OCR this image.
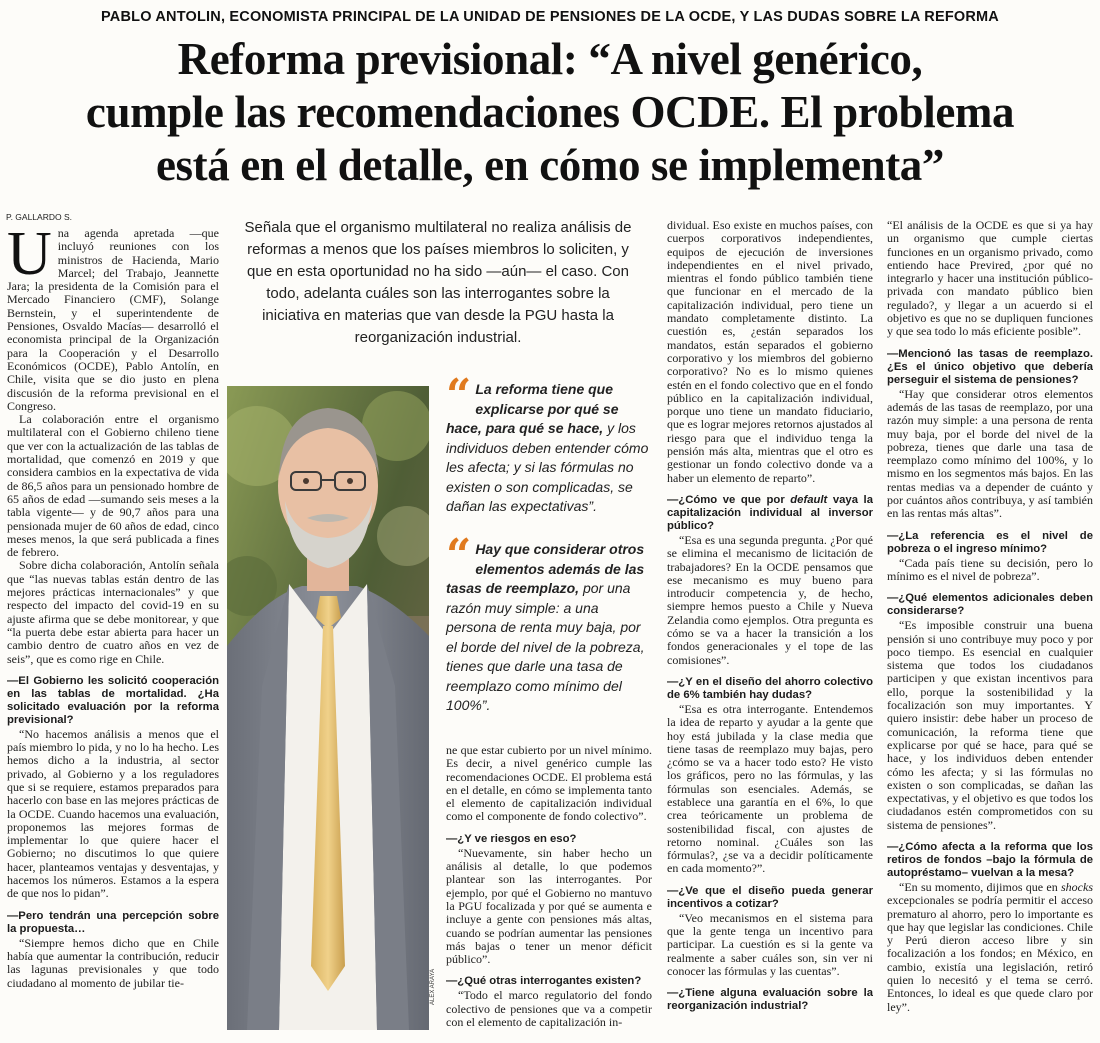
PABLO ANTOLIN, ECONOMISTA PRINCIPAL DE LA UNIDAD DE PENSIONES DE LA OCDE, Y LAS DUDAS SOBRE LA REFORMA
Reforma previsional: “A nivel genérico,
cumple las recomendaciones OCDE. El problema
está en el detalle, en cómo se implementa”
P. GALLARDO S.

Una agenda apretada —que incluyó reuniones con los ministros de Hacienda, Mario Marcel; del Trabajo, Jeannette Jara; la presidenta de la Comisión para el Mercado Financiero (CMF), Solange Bernstein, y el superintendente de Pensiones, Osvaldo Macías— desarrolló el economista principal de la Organización para la Cooperación y el Desarrollo Económicos (OCDE), Pablo Antolín, en Chile, visita que se dio justo en plena discusión de la reforma previsional en el Congreso.

La colaboración entre el organismo multilateral con el Gobierno chileno tiene que ver con la actualización de las tablas de mortalidad, que comenzó en 2019 y que considera cambios en la expectativa de vida de 86,5 años para un pensionado hombre de 65 años de edad —sumando seis meses a la tabla vigente— y de 90,7 años para una pensionada mujer de 60 años de edad, cinco meses menos, la que será publicada a fines de febrero.

Sobre dicha colaboración, Antolín señala que “las nuevas tablas están dentro de las mejores prácticas internacionales” y que respecto del impacto del covid-19 en su ajuste afirma que se debe monitorear, y que “la puerta debe estar abierta para hacer un cambio dentro de cuatro años en vez de seis”, que es como rige en Chile.

—El Gobierno les solicitó cooperación en las tablas de mortalidad. ¿Ha solicitado evaluación por la reforma previsional?

“No hacemos análisis a menos que el país miembro lo pida, y no lo ha hecho. Les hemos dicho a la industria, al sector privado, al Gobierno y a los reguladores que si se requiere, estamos preparados para hacerlo con base en las mejores prácticas de la OCDE. Cuando hacemos una evaluación, proponemos las mejores formas de implementar lo que quiere hacer el Gobierno; no discutimos lo que quiere hacer, planteamos ventajas y desventajas, y hacemos los números. Estamos a la espera de que nos lo pidan”.

—Pero tendrán una percepción sobre la propuesta…

“Siempre hemos dicho que en Chile había que aumentar la contribución, reducir las lagunas previsionales y que todo ciudadano al momento de jubilar tie-

Señala que el organismo multilateral no realiza análisis de reformas a menos que los países miembros lo soliciten, y que en esta oportunidad no ha sido —aún— el caso. Con todo, adelanta cuáles son las interrogantes sobre la iniciativa en materias que van desde la PGU hasta la reorganización industrial.
ALEX ARAYA
“ La reforma tiene que explicarse por qué se hace, para qué se hace, y los individuos deben entender cómo les afecta; y si las fórmulas no existen o son complicadas, se dañan las expectativas”.
“ Hay que considerar otros elementos además de las tasas de reemplazo, por una razón muy simple: a una persona de renta muy baja, por el borde del nivel de la pobreza, tienes que darle una tasa de reemplazo como mínimo del 100%”.

ne que estar cubierto por un nivel mínimo. Es decir, a nivel genérico cumple las recomendaciones OCDE. El problema está en el detalle, en cómo se implementa tanto el elemento de capitalización individual como el componente de fondo colectivo”.

—¿Y ve riesgos en eso?

“Nuevamente, sin haber hecho un análisis al detalle, lo que podemos plantear son las interrogantes. Por ejemplo, por qué el Gobierno no mantuvo la PGU focalizada y por qué se aumenta e incluye a gente con pensiones más altas, cuando se podrían aumentar las pensiones más bajas o tener un menor déficit público”.

—¿Qué otras interrogantes existen?

“Todo el marco regulatorio del fondo colectivo de pensiones que va a competir con el elemento de capitalización in-

dividual. Eso existe en muchos países, con cuerpos corporativos independientes, equipos de ejecución de inversiones independientes en el nivel privado, mientras el fondo público también tiene que funcionar en el mercado de la capitalización individual, pero tiene un mandato completamente distinto. La cuestión es, ¿están separados los mandatos, están separados el gobierno corporativo y los miembros del gobierno corporativo? No es lo mismo quienes estén en el fondo colectivo que en el fondo público en la capitalización individual, porque uno tiene un mandato fiduciario, que es lograr mejores retornos ajustados al riesgo para que el individuo tenga la pensión más alta, mientras que el otro es gestionar un fondo colectivo donde va a haber un elemento de reparto”.

—¿Cómo ve que por default vaya la capitalización individual al inversor público?

“Esa es una segunda pregunta. ¿Por qué se elimina el mecanismo de licitación de trabajadores? En la OCDE pensamos que ese mecanismo es muy bueno para introducir competencia y, de hecho, siempre hemos puesto a Chile y Nueva Zelandia como ejemplos. Otra pregunta es cómo se va a hacer la transición a los fondos generacionales y el tope de las comisiones”.

—¿Y en el diseño del ahorro colectivo de 6% también hay dudas?

“Esa es otra interrogante. Entendemos la idea de reparto y ayudar a la gente que hoy está jubilada y la clase media que tiene tasas de reemplazo muy bajas, pero ¿cómo se va a hacer todo esto? He visto los gráficos, pero no las fórmulas, y las fórmulas son esenciales. Además, se establece una garantía en el 6%, lo que crea teóricamente un problema de sostenibilidad fiscal, con ajustes de retorno nominal. ¿Cuáles son las fórmulas?, ¿se va a decidir políticamente en cada momento?”.

—¿Ve que el diseño pueda generar incentivos a cotizar?

“Veo mecanismos en el sistema para que la gente tenga un incentivo para participar. La cuestión es si la gente va realmente a saber cuáles son, sin ver ni conocer las fórmulas y las cuentas”.

—¿Tiene alguna evaluación sobre la reorganización industrial?

“El análisis de la OCDE es que si ya hay un organismo que cumple ciertas funciones en un organismo privado, como entiendo hace Previred, ¿por qué no integrarlo y hacer una institución público-privada con mandato público bien regulado?, y llegar a un acuerdo si el objetivo es que no se dupliquen funciones y que sea todo lo más eficiente posible”.

—Mencionó las tasas de reemplazo. ¿Es el único objetivo que debería perseguir el sistema de pensiones?

“Hay que considerar otros elementos además de las tasas de reemplazo, por una razón muy simple: a una persona de renta muy baja, por el borde del nivel de la pobreza, tienes que darle una tasa de reemplazo como mínimo del 100%, y lo mismo en los segmentos más bajos. En las rentas medias va a depender de cuánto y por cuántos años contribuya, y así también en las rentas más altas”.

—¿La referencia es el nivel de pobreza o el ingreso mínimo?

“Cada país tiene su decisión, pero lo mínimo es el nivel de pobreza”.

—¿Qué elementos adicionales deben considerarse?

“Es imposible construir una buena pensión si uno contribuye muy poco y por poco tiempo. Es esencial en cualquier sistema que todos los ciudadanos participen y que existan incentivos para ello, porque la sostenibilidad y la focalización son muy importantes. Y quiero insistir: debe haber un proceso de comunicación, la reforma tiene que explicarse por qué se hace, para qué se hace, y los individuos deben entender cómo les afecta; y si las fórmulas no existen o son complicadas, se dañan las expectativas, y el objetivo es que todos los ciudadanos estén comprometidos con su sistema de pensiones”.

—¿Cómo afecta a la reforma que los retiros de fondos –bajo la fórmula de autopréstamo– vuelvan a la mesa?

“En su momento, dijimos que en shocks excepcionales se podría permitir el acceso prematuro al ahorro, pero lo importante es que hay que legislar las condiciones. Chile y Perú dieron acceso libre y sin focalización a los fondos; en México, en cambio, existía una legislación, retiró quien lo necesitó y el tema se cerró. Entonces, lo ideal es que quede claro por ley”.
